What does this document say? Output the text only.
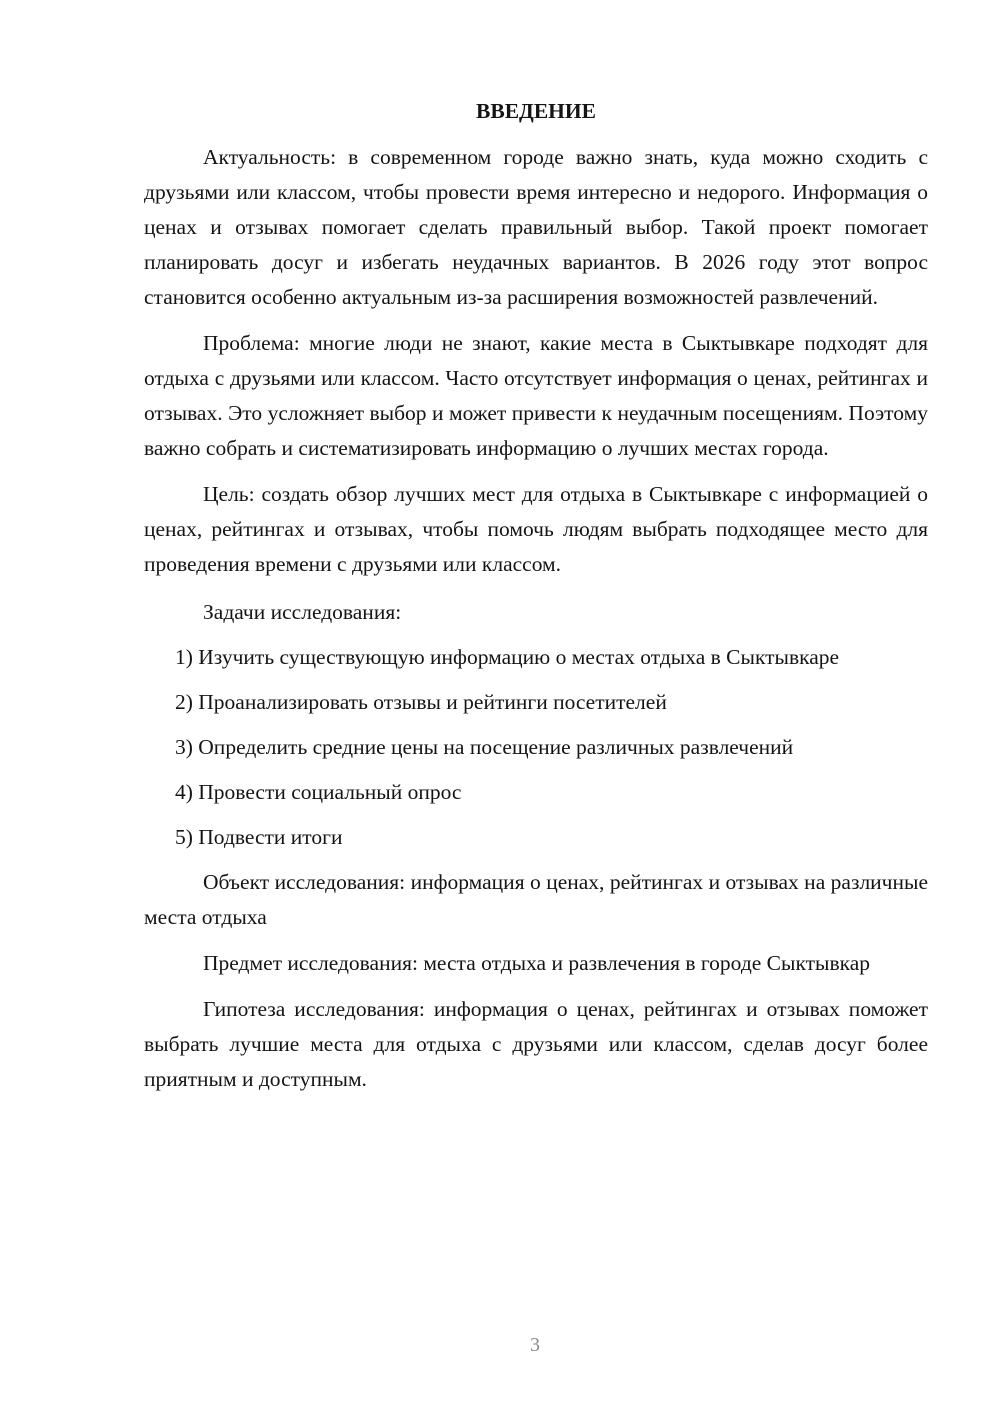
ВВЕДЕНИЕ

Актуальность: в современном городе важно знать, куда можно сходить с друзьями или классом, чтобы провести время интересно и недорого. Информация о ценах и отзывах помогает сделать правильный выбор. Такой проект помогает планировать досуг и избегать неудачных вариантов. В 2026 году этот вопрос становится особенно актуальным из-за расширения возможностей развлечений.

Проблема: многие люди не знают, какие места в Сыктывкаре подходят для отдыха с друзьями или классом. Часто отсутствует информация о ценах, рейтингах и отзывах. Это усложняет выбор и может привести к неудачным посещениям. Поэтому важно собрать и систематизировать информацию о лучших местах города.

Цель: создать обзор лучших мест для отдыха в Сыктывкаре с информацией о ценах, рейтингах и отзывах, чтобы помочь людям выбрать подходящее место для проведения времени с друзьями или классом.

Задачи исследования:

1) Изучить существующую информацию о местах отдыха в Сыктывкаре

2) Проанализировать отзывы и рейтинги посетителей

3) Определить средние цены на посещение различных развлечений

4) Провести социальный опрос

5) Подвести итоги

Объект исследования: информация о ценах, рейтингах и отзывах на различные места отдыха

Предмет исследования: места отдыха и развлечения в городе Сыктывкар

Гипотеза исследования: информация о ценах, рейтингах и отзывах поможет выбрать лучшие места для отдыха с друзьями или классом, сделав досуг более приятным и доступным.

3
